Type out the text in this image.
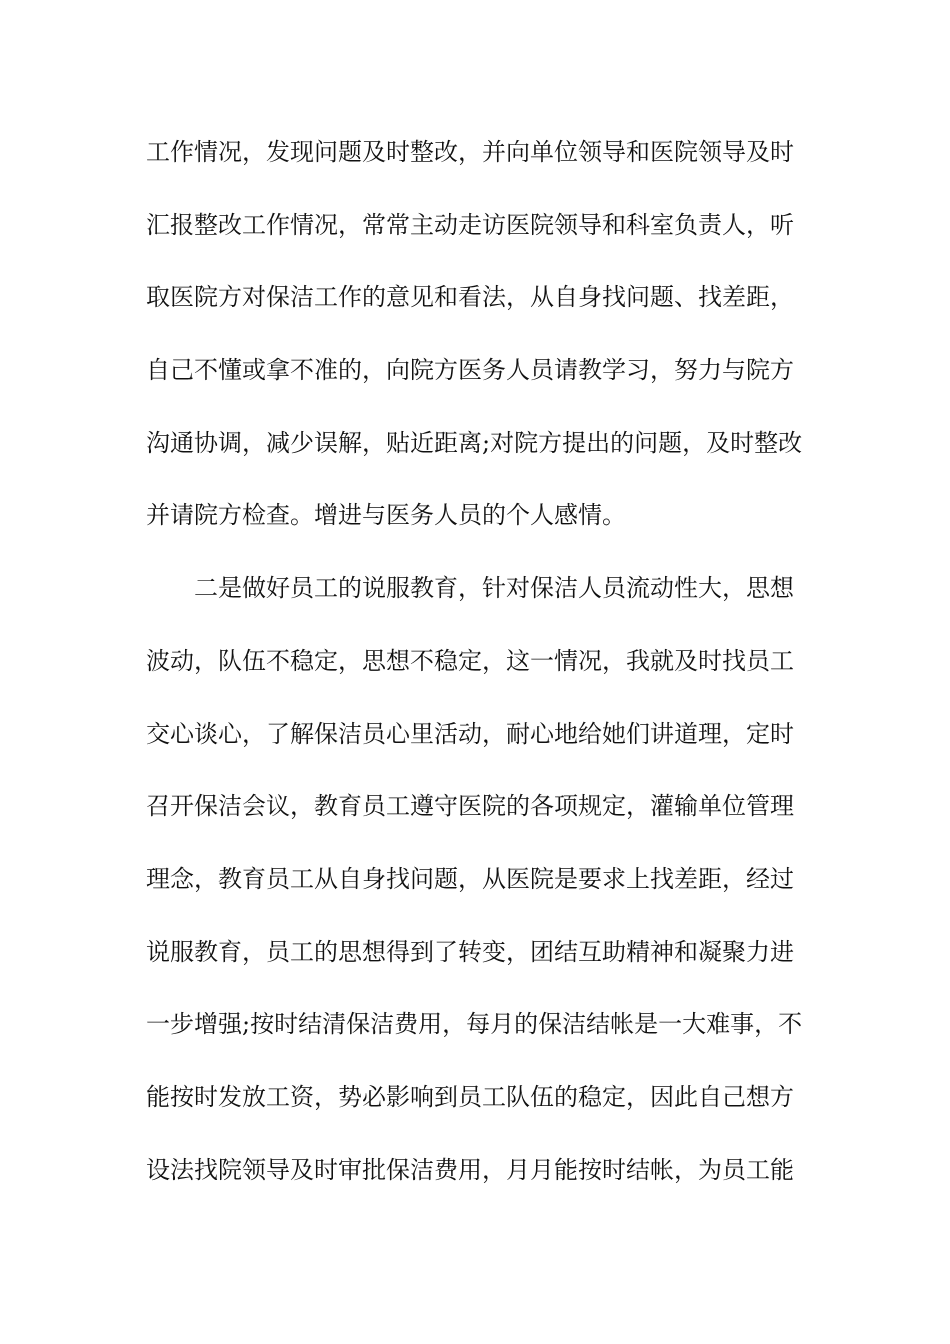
工作情况，发现问题及时整改，并向单位领导和医院领导及时
汇报整改工作情况，常常主动走访医院领导和科室负责人，听
取医院方对保洁工作的意见和看法，从自身找问题、找差距，
自己不懂或拿不准的，向院方医务人员请教学习，努力与院方
沟通协调，减少误解，贴近距离;对院方提出的问题，及时整改
并请院方检查。增进与医务人员的个人感情。
二是做好员工的说服教育，针对保洁人员流动性大，思想
波动，队伍不稳定，思想不稳定，这一情况，我就及时找员工
交心谈心，了解保洁员心里活动，耐心地给她们讲道理，定时
召开保洁会议，教育员工遵守医院的各项规定，灌输单位管理
理念，教育员工从自身找问题，从医院是要求上找差距，经过
说服教育，员工的思想得到了转变，团结互助精神和凝聚力进
一步增强;按时结清保洁费用，每月的保洁结帐是一大难事，不
能按时发放工资，势必影响到员工队伍的稳定，因此自己想方
设法找院领导及时审批保洁费用，月月能按时结帐，为员工能
